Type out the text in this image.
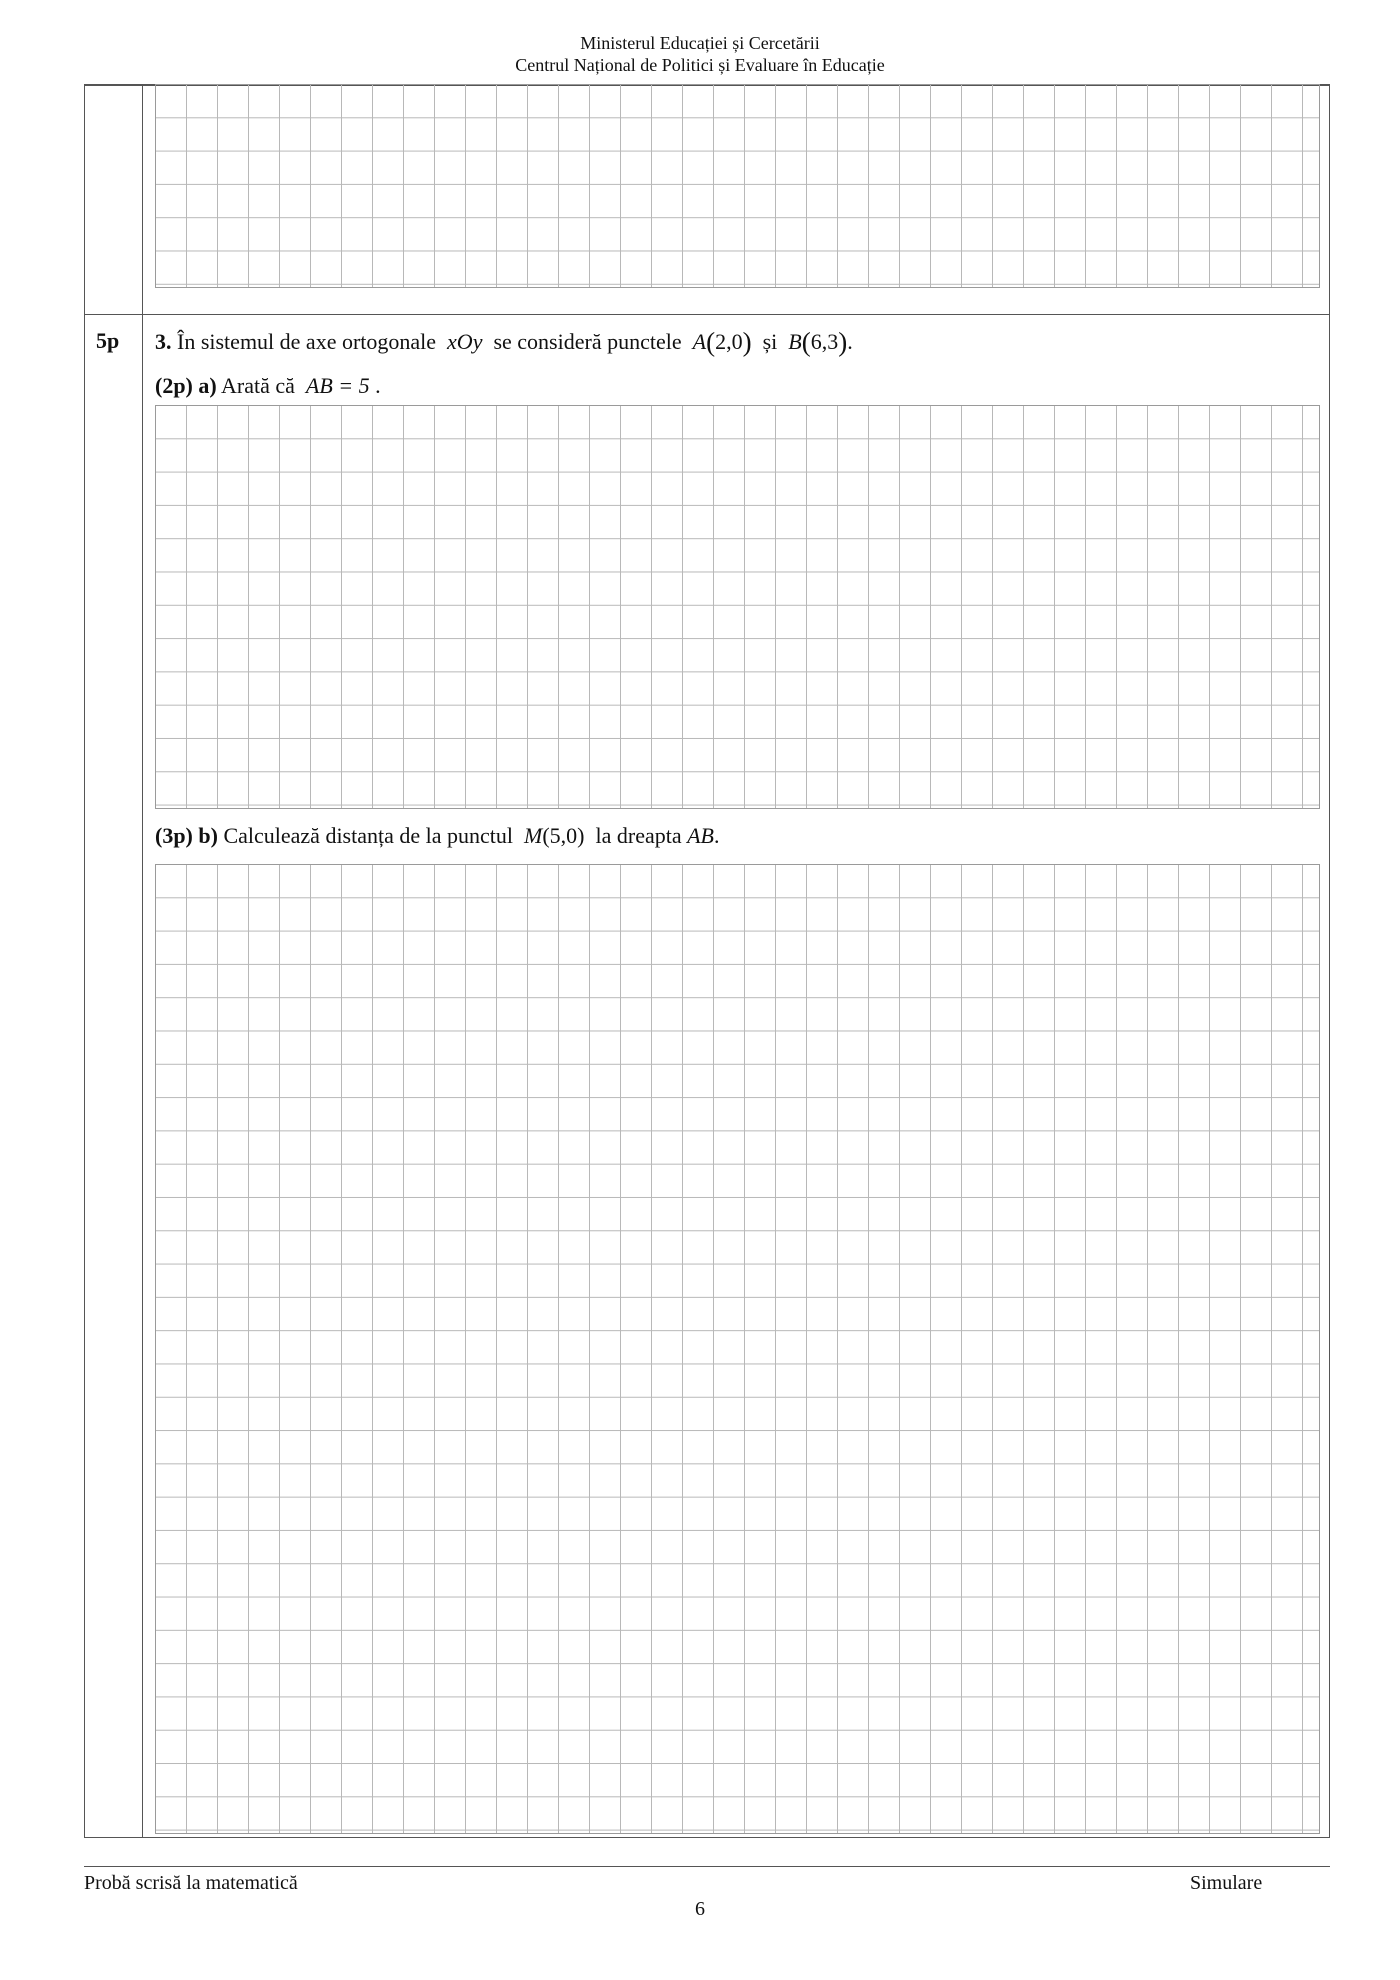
Ministerul Educației și Cercetării
Centrul Național de Politici și Evaluare în Educație
5p 3. În sistemul de axe ortogonale xOy se consideră punctele A(2,0) și B(6,3).
(2p) a) Arată că AB = 5 .
(3p) b) Calculează distanța de la punctul M(5,0) la dreapta AB.
Probă scrisă la matematică	Simulare
6
